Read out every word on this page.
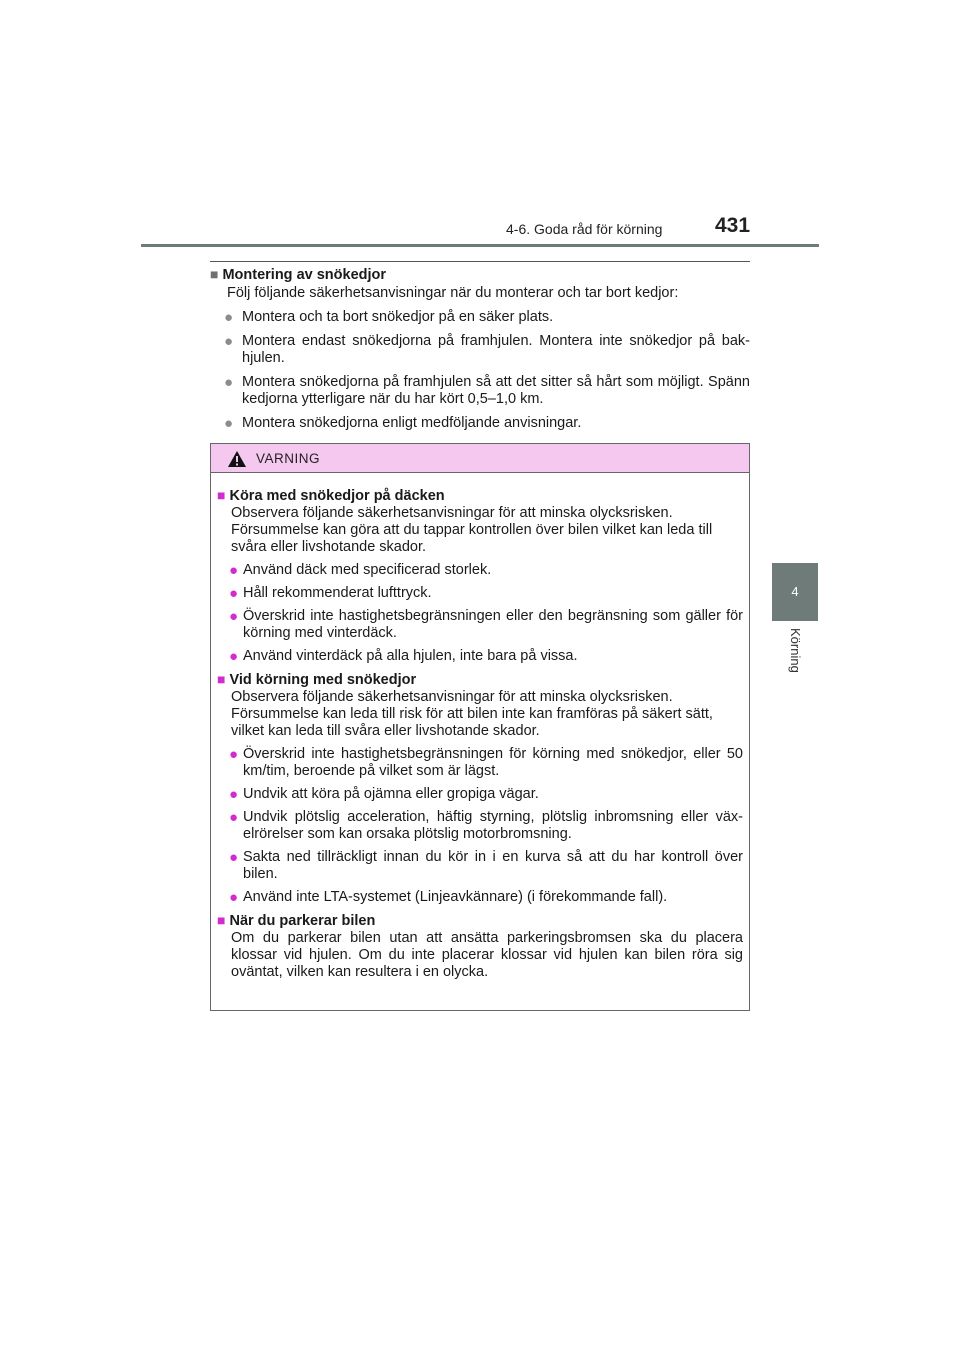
4-6. Goda råd för körning	431
4
Körning

■ Montering av snökedjor

Följ följande säkerhetsanvisningar när du monterar och tar bort kedjor:

● Montera och ta bort snökedjor på en säker plats.
● Montera endast snökedjorna på framhjulen. Montera inte snökedjor på bak-hjulen.
● Montera snökedjorna på framhjulen så att det sitter så hårt som möjligt. Spänn kedjorna ytterligare när du har kört 0,5–1,0 km.
● Montera snökedjorna enligt medföljande anvisningar.
VARNING

■ Köra med snökedjor på däcken

Observera följande säkerhetsanvisningar för att minska olycksrisken. Försummelse kan göra att du tappar kontrollen över bilen vilket kan leda till svåra eller livshotande skador.

● Använd däck med specificerad storlek.
● Håll rekommenderat lufttryck.
● Överskrid inte hastighetsbegränsningen eller den begränsning som gäller för körning med vinterdäck.
● Använd vinterdäck på alla hjulen, inte bara på vissa.

■ Vid körning med snökedjor

Observera följande säkerhetsanvisningar för att minska olycksrisken. Försummelse kan leda till risk för att bilen inte kan framföras på säkert sätt, vilket kan leda till svåra eller livshotande skador.

● Överskrid inte hastighetsbegränsningen för körning med snökedjor, eller 50 km/tim, beroende på vilket som är lägst.
● Undvik att köra på ojämna eller gropiga vägar.
● Undvik plötslig acceleration, häftig styrning, plötslig inbromsning eller väx-elrörelser som kan orsaka plötslig motorbromsning.
● Sakta ned tillräckligt innan du kör in i en kurva så att du har kontroll över bilen.
● Använd inte LTA-systemet (Linjeavkännare) (i förekommande fall).

■ När du parkerar bilen

Om du parkerar bilen utan att ansätta parkeringsbromsen ska du placera klossar vid hjulen. Om du inte placerar klossar vid hjulen kan bilen röra sig oväntat, vilken kan resultera i en olycka.
